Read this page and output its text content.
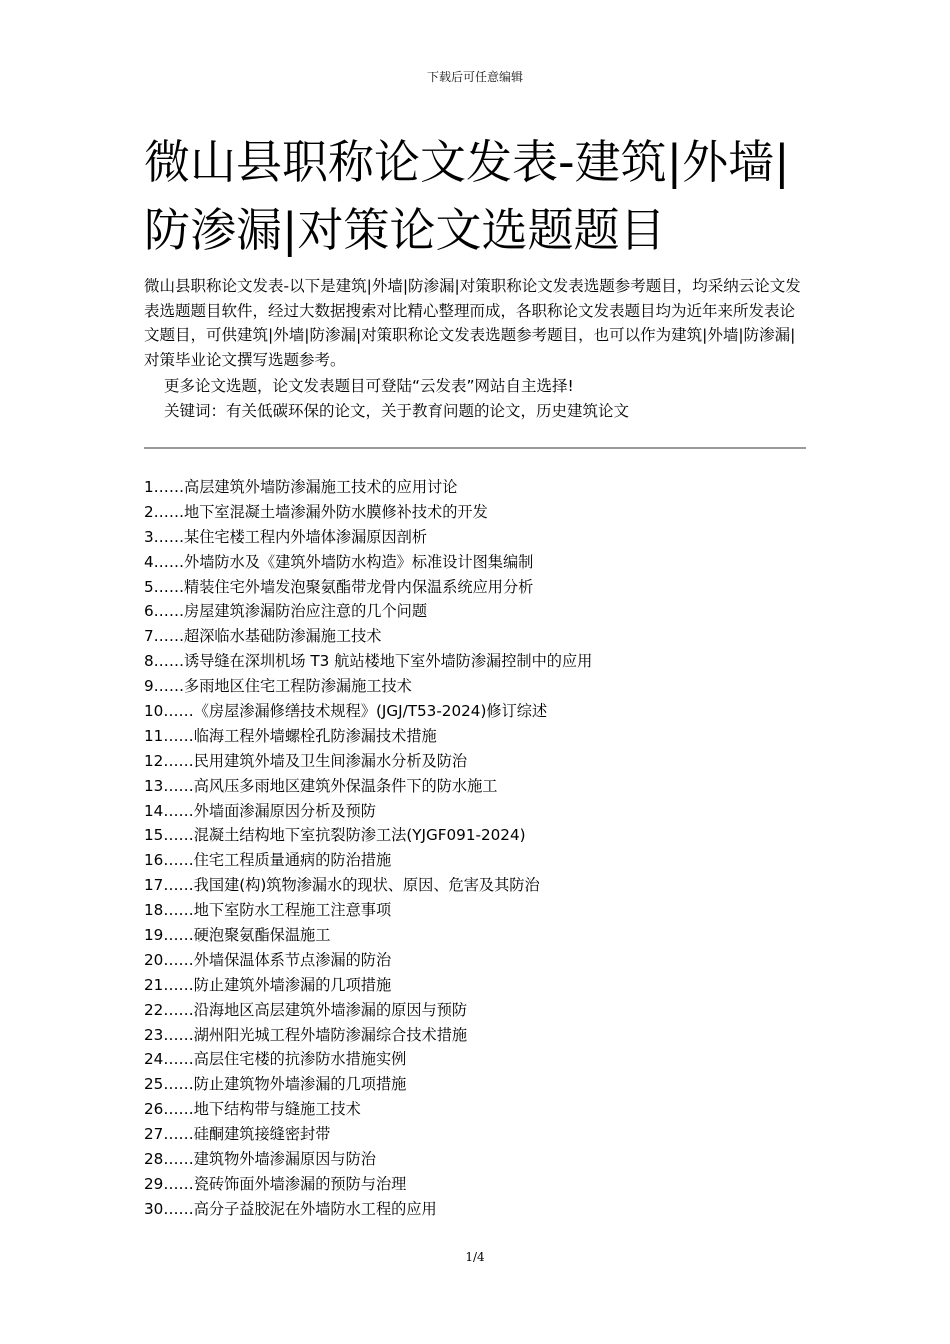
下载后可任意编辑
微山县职称论文发表-建筑|外墙|防渗漏|对策论文选题题目

微山县职称论文发表-以下是建筑|外墙|防渗漏|对策职称论文发表选题参考题目，均采纳云论文发表选题题目软件，经过大数据搜索对比精心整理而成，各职称论文发表题目均为近年来所发表论文题目，可供建筑|外墙|防渗漏|对策职称论文发表选题参考题目，也可以作为建筑|外墙|防渗漏|对策毕业论文撰写选题参考。

更多论文选题，论文发表题目可登陆“云发表”网站自主选择!

关键词：有关低碳环保的论文，关于教育问题的论文，历史建筑论文

1……高层建筑外墙防渗漏施工技术的应用讨论
2……地下室混凝土墙渗漏外防水膜修补技术的开发
3……某住宅楼工程内外墙体渗漏原因剖析
4……外墙防水及《建筑外墙防水构造》标准设计图集编制
5……精装住宅外墙发泡聚氨酯带龙骨内保温系统应用分析
6……房屋建筑渗漏防治应注意的几个问题
7……超深临水基础防渗漏施工技术
8……诱导缝在深圳机场 T3 航站楼地下室外墙防渗漏控制中的应用
9……多雨地区住宅工程防渗漏施工技术
10……《房屋渗漏修缮技术规程》(JGJ/T53-2024)修订综述
11……临海工程外墙螺栓孔防渗漏技术措施
12……民用建筑外墙及卫生间渗漏水分析及防治
13……高风压多雨地区建筑外保温条件下的防水施工
14……外墙面渗漏原因分析及预防
15……混凝土结构地下室抗裂防渗工法(YJGF091-2024)
16……住宅工程质量通病的防治措施
17……我国建(构)筑物渗漏水的现状、原因、危害及其防治
18……地下室防水工程施工注意事项
19……硬泡聚氨酯保温施工
20……外墙保温体系节点渗漏的防治
21……防止建筑外墙渗漏的几项措施
22……沿海地区高层建筑外墙渗漏的原因与预防
23……湖州阳光城工程外墙防渗漏综合技术措施
24……高层住宅楼的抗渗防水措施实例
25……防止建筑物外墙渗漏的几项措施
26……地下结构带与缝施工技术
27……硅酮建筑接缝密封带
28……建筑物外墙渗漏原因与防治
29……瓷砖饰面外墙渗漏的预防与治理
30……高分子益胶泥在外墙防水工程的应用
1/4
